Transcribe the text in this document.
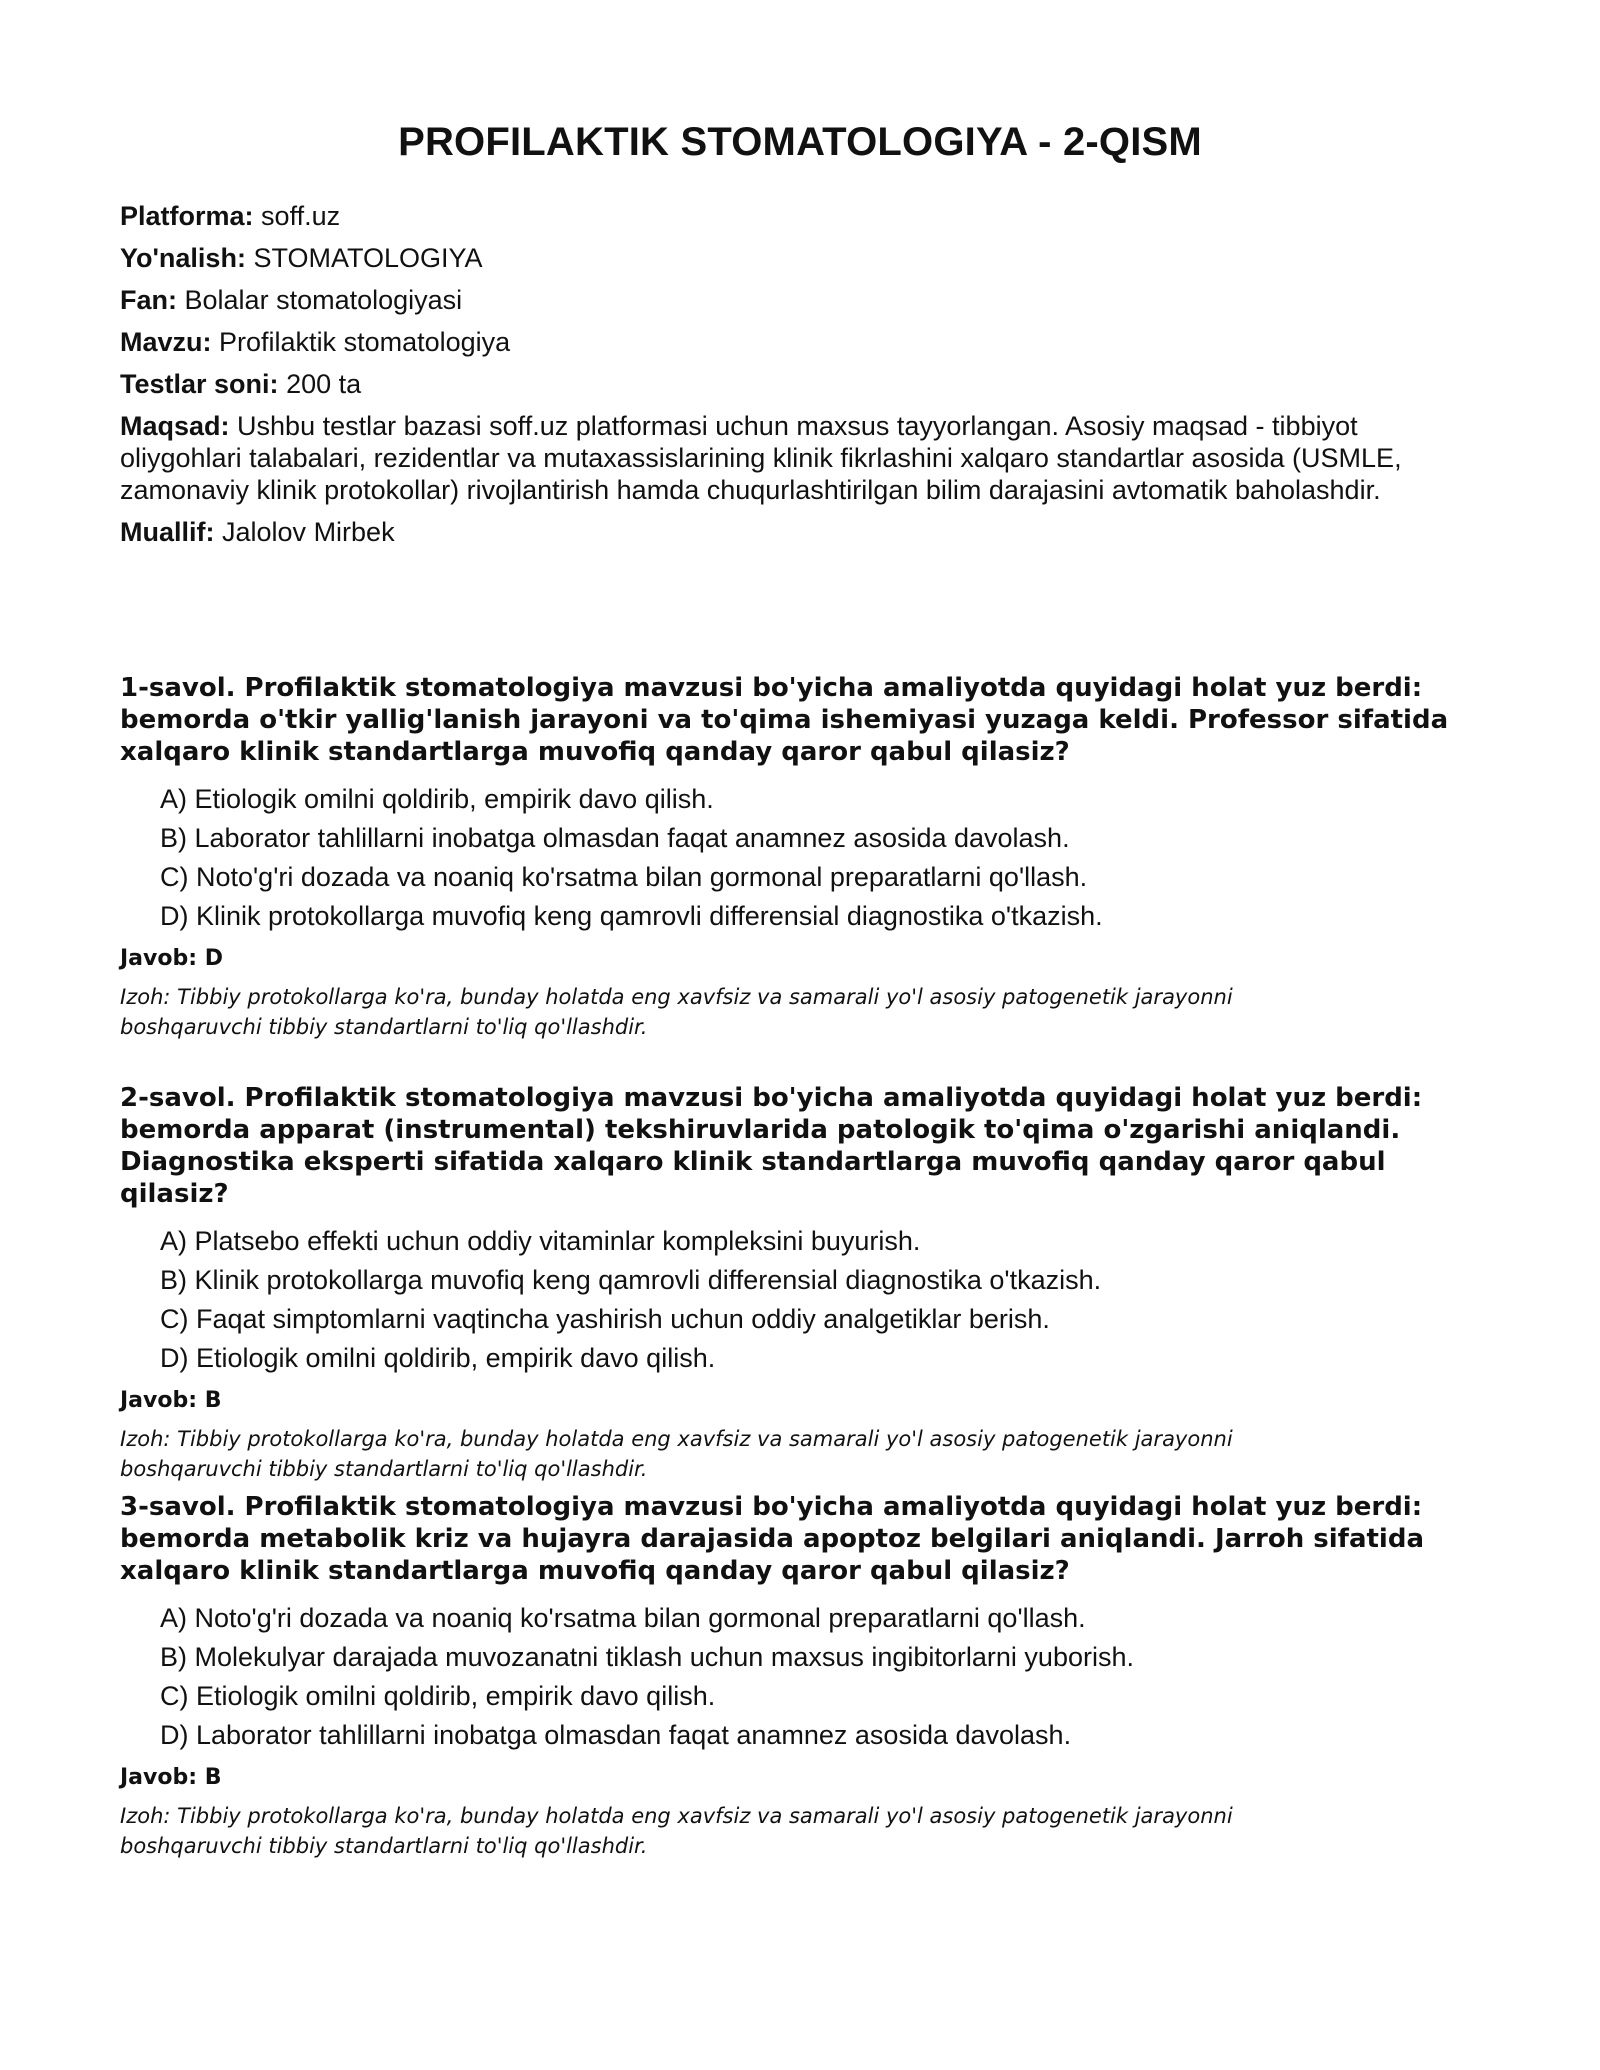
PROFILAKTIK STOMATOLOGIYA - 2-QISM
Platforma: soff.uz
Yo'nalish: STOMATOLOGIYA
Fan: Bolalar stomatologiyasi
Mavzu: Profilaktik stomatologiya
Testlar soni: 200 ta
Maqsad: Ushbu testlar bazasi soff.uz platformasi uchun maxsus tayyorlangan. Asosiy maqsad - tibbiyot oliygohlari talabalari, rezidentlar va mutaxassislarining klinik fikrlashini xalqaro standartlar asosida (USMLE, zamonaviy klinik protokollar) rivojlantirish hamda chuqurlashtirilgan bilim darajasini avtomatik baholashdir.
Muallif: Jalolov Mirbek

1-savol. Profilaktik stomatologiya mavzusi bo'yicha amaliyotda quyidagi holat yuz berdi: bemorda o'tkir yallig'lanish jarayoni va to'qima ishemiyasi yuzaga keldi. Professor sifatida xalqaro klinik standartlarga muvofiq qanday qaror qabul qilasiz?

A) Etiologik omilni qoldirib, empirik davo qilish.
B) Laborator tahlillarni inobatga olmasdan faqat anamnez asosida davolash.
C) Noto'g'ri dozada va noaniq ko'rsatma bilan gormonal preparatlarni qo'llash.
D) Klinik protokollarga muvofiq keng qamrovli differensial diagnostika o'tkazish.
Javob: D
Izoh: Tibbiy protokollarga ko'ra, bunday holatda eng xavfsiz va samarali yo'l asosiy patogenetik jarayonni boshqaruvchi tibbiy standartlarni to'liq qo'llashdir.

2-savol. Profilaktik stomatologiya mavzusi bo'yicha amaliyotda quyidagi holat yuz berdi: bemorda apparat (instrumental) tekshiruvlarida patologik to'qima o'zgarishi aniqlandi. Diagnostika eksperti sifatida xalqaro klinik standartlarga muvofiq qanday qaror qabul qilasiz?

A) Platsebo effekti uchun oddiy vitaminlar kompleksini buyurish.
B) Klinik protokollarga muvofiq keng qamrovli differensial diagnostika o'tkazish.
C) Faqat simptomlarni vaqtincha yashirish uchun oddiy analgetiklar berish.
D) Etiologik omilni qoldirib, empirik davo qilish.
Javob: B
Izoh: Tibbiy protokollarga ko'ra, bunday holatda eng xavfsiz va samarali yo'l asosiy patogenetik jarayonni boshqaruvchi tibbiy standartlarni to'liq qo'llashdir.

3-savol. Profilaktik stomatologiya mavzusi bo'yicha amaliyotda quyidagi holat yuz berdi: bemorda metabolik kriz va hujayra darajasida apoptoz belgilari aniqlandi. Jarroh sifatida xalqaro klinik standartlarga muvofiq qanday qaror qabul qilasiz?

A) Noto'g'ri dozada va noaniq ko'rsatma bilan gormonal preparatlarni qo'llash.
B) Molekulyar darajada muvozanatni tiklash uchun maxsus ingibitorlarni yuborish.
C) Etiologik omilni qoldirib, empirik davo qilish.
D) Laborator tahlillarni inobatga olmasdan faqat anamnez asosida davolash.
Javob: B
Izoh: Tibbiy protokollarga ko'ra, bunday holatda eng xavfsiz va samarali yo'l asosiy patogenetik jarayonni boshqaruvchi tibbiy standartlarni to'liq qo'llashdir.
